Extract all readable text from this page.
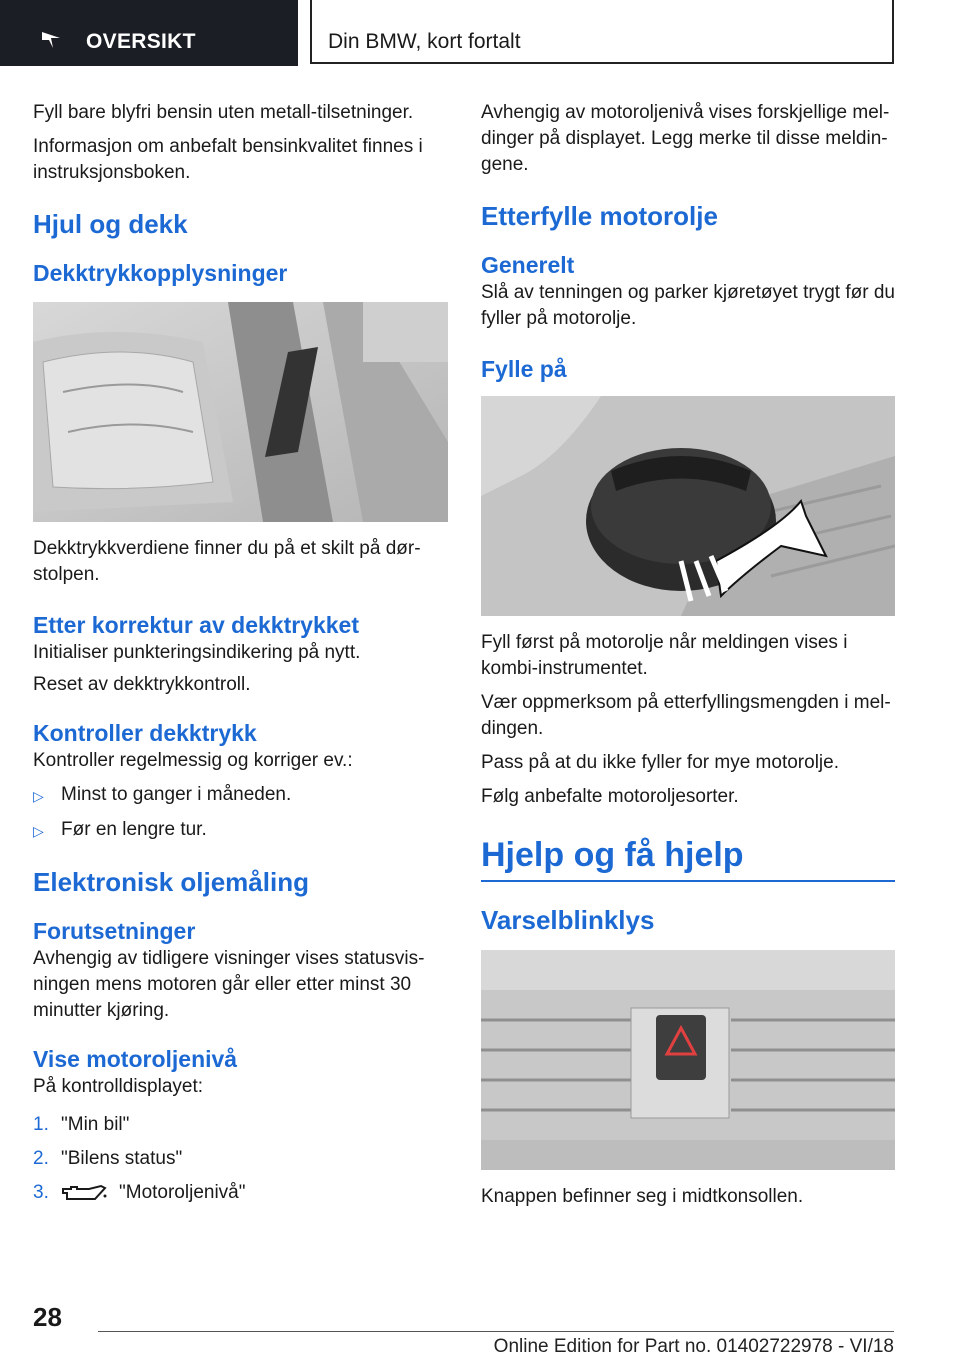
OVERSIKT	Din BMW, kort fortalt

Fyll bare blyfri bensin uten metall-tilsetninger.

Informasjon om anbefalt bensinkvalitet finnes i instruksjonsboken.

Hjul og dekk
Dekktrykkopplysninger

Dekktrykkverdiene finner du på et skilt på dør-stolpen.

Etter korrektur av dekktrykket

Initialiser punkteringsindikering på nytt.

Reset av dekktrykkontroll.

Kontroller dekktrykk

Kontroller regelmessig og korriger ev.:

▷ Minst to ganger i måneden.
▷ Før en lengre tur.
Elektronisk oljemåling
Forutsetninger

Avhengig av tidligere visninger vises statusvis-ningen mens motoren går eller etter minst 30 minutter kjøring.

Vise motoroljenivå

På kontrolldisplayet:

1. "Min bil"
2. "Bilens status"
3.	"Motoroljenivå"

Avhengig av motoroljenivå vises forskjellige mel-dinger på displayet. Legg merke til disse meldin-gene.

Etterfylle motorolje
Generelt

Slå av tenningen og parker kjøretøyet trygt før du fyller på motorolje.

Fylle på

Fyll først på motorolje når meldingen vises i kombi-instrumentet.

Vær oppmerksom på etterfyllingsmengden i mel-dingen.

Pass på at du ikke fyller for mye motorolje.

Følg anbefalte motoroljesorter.

Hjelp og få hjelp
Varselblinklys

Knappen befinner seg i midtkonsollen.

28
Online Edition for Part no. 01402722978 - VI/18
